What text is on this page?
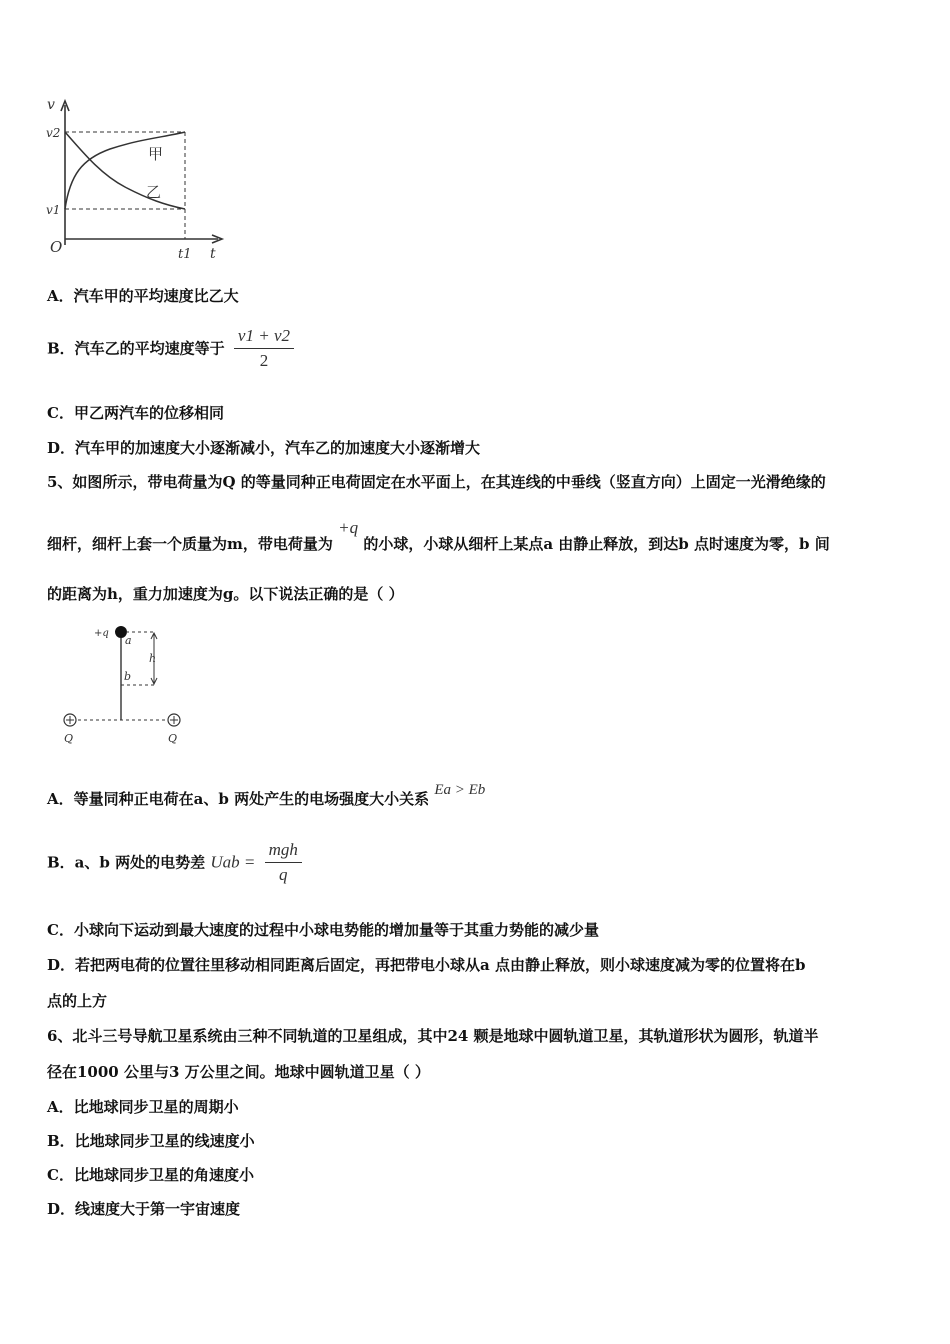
v
v2
v1
O	t1 t
甲
乙
A．汽车甲的平均速度比乙大
B．汽车乙的平均速度等于 $\frac{v1 + v2}{2}$
C．甲乙两汽车的位移相同
D．汽车甲的加速度大小逐渐减小，汽车乙的加速度大小逐渐增大
5、如图所示，带电荷量为Q 的等量同种正电荷固定在水平面上，在其连线的中垂线（竖直方向）上固定一光滑绝缘的
细杆，细杆上套一个质量为m，带电荷量为 +q 的小球，小球从细杆上某点a 由静止释放，到达b 点时速度为零，b 间
的距离为h，重力加速度为g。以下说法正确的是（ ）
+q
a
b
h
Q	Q
A．等量同种正电荷在a、b 两处产生的电场强度大小关系 Ea > Eb
B．a、b 两处的电势差 Uab = $\frac{\text{mgh}}{q}$
C．小球向下运动到最大速度的过程中小球电势能的增加量等于其重力势能的减少量
D．若把两电荷的位置往里移动相同距离后固定，再把带电小球从a 点由静止释放，则小球速度减为零的位置将在b
点的上方
6、北斗三号导航卫星系统由三种不同轨道的卫星组成，其中24 颗是地球中圆轨道卫星，其轨道形状为圆形，轨道半
径在1000 公里与3 万公里之间。地球中圆轨道卫星（ ）
A．比地球同步卫星的周期小
B．比地球同步卫星的线速度小
C．比地球同步卫星的角速度小
D．线速度大于第一宇宙速度
